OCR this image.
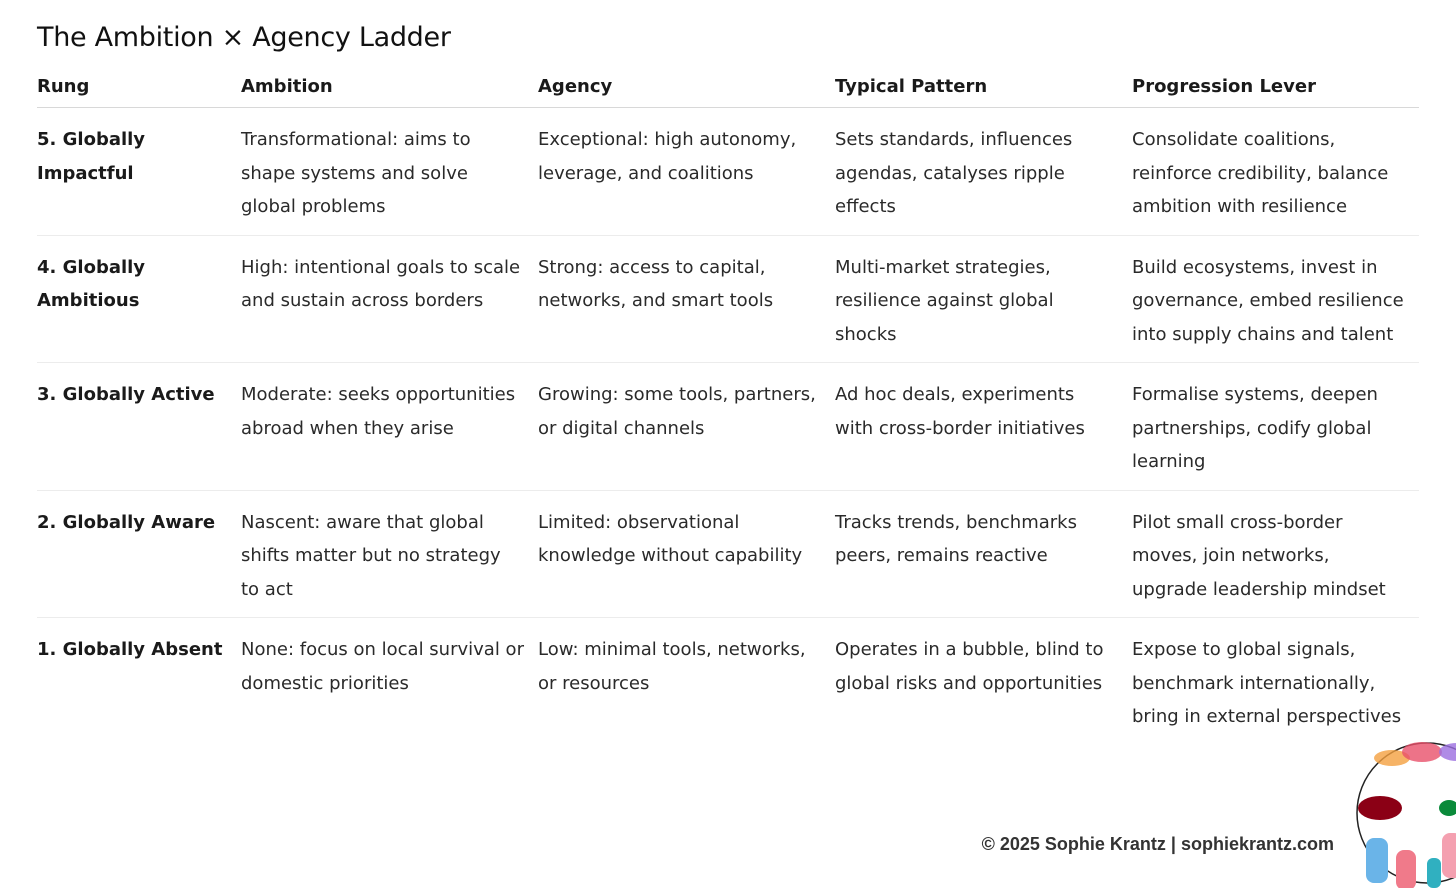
The Ambition × Agency Ladder
Rung	Ambition	Agency	Typical Pattern	Progression Lever
5. Globally Impactful	Transformational: aims to shape systems and solve global problems	Exceptional: high autonomy, leverage, and coalitions	Sets standards, influences agendas, catalyses ripple effects	Consolidate coalitions, reinforce credibility, balance ambition with resilience
4. Globally Ambitious	High: intentional goals to scale and sustain across borders	Strong: access to capital, networks, and smart tools	Multi-market strategies, resilience against global shocks	Build ecosystems, invest in governance, embed resilience into supply chains and talent
3. Globally Active	Moderate: seeks opportunities abroad when they arise	Growing: some tools, partners, or digital channels	Ad hoc deals, experiments with cross-border initiatives	Formalise systems, deepen partnerships, codify global learning
2. Globally Aware	Nascent: aware that global shifts matter but no strategy to act	Limited: observational knowledge without capability	Tracks trends, benchmarks peers, remains reactive	Pilot small cross-border moves, join networks, upgrade leadership mindset
1. Globally Absent	None: focus on local survival or domestic priorities	Low: minimal tools, networks, or resources	Operates in a bubble, blind to global risks and opportunities	Expose to global signals, benchmark internationally, bring in external perspectives
© 2025 Sophie Krantz | sophiekrantz.com
